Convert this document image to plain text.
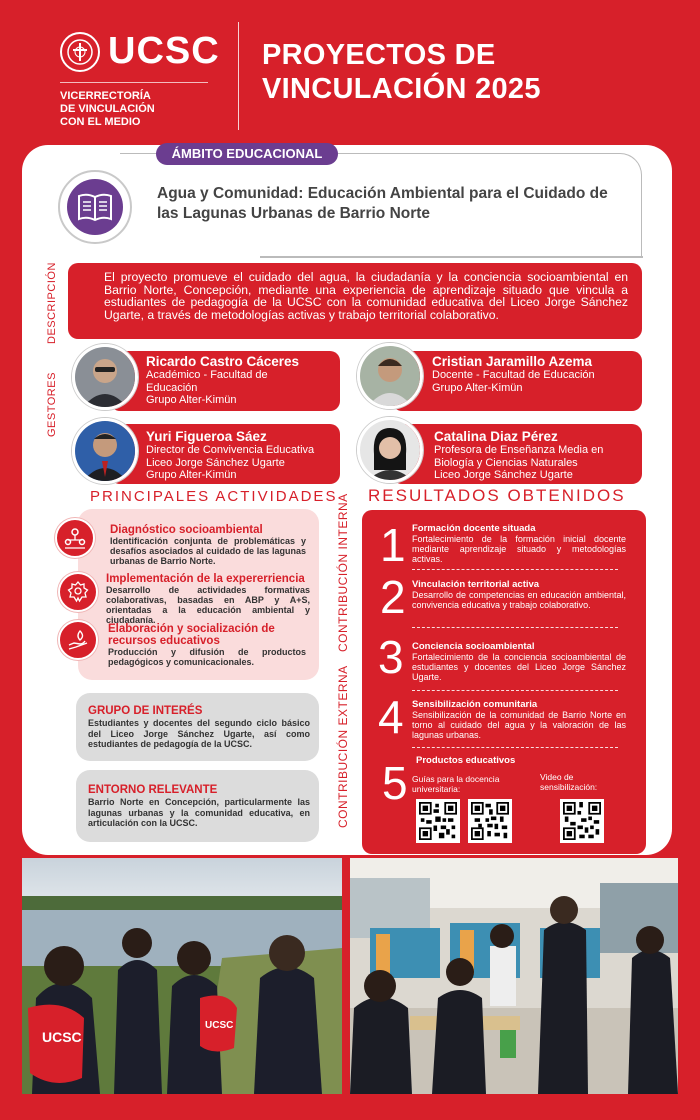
UCSC
VICERRECTORÍA
DE VINCULACIÓN
CON EL MEDIO
PROYECTOS DE
VINCULACIÓN 2025
ÁMBITO EDUCACIONAL
Agua y Comunidad: Educación Ambiental para el Cuidado de las Lagunas Urbanas de Barrio Norte
DESCRIPCIÓN	El proyecto promueve el cuidado del agua, la ciudadanía y la conciencia socioambiental en Barrio Norte, Concepción, mediante una experiencia de aprendizaje situado que vincula a estudiantes de pedagogía de la UCSC con la comunidad educativa del Liceo Jorge Sánchez Ugarte, a través de metodologías activas y trabajo territorial colaborativo.
GESTORES
Ricardo Castro Cáceres
Académico - Facultad de
Educación
Grupo Alter-Kimün
Cristian Jaramillo Azema
Docente - Facultad de Educación
Grupo Alter-Kimün
Yuri Figueroa Sáez
Director de Convivencia Educativa
Liceo Jorge Sánchez Ugarte
Grupo Alter-Kimün
Catalina Diaz Pérez
Profesora de Enseñanza Media en
Biología y Ciencias Naturales
Liceo Jorge Sánchez Ugarte
PRINCIPALES ACTIVIDADES
Diagnóstico socioambiental
Identificación conjunta de problemáticas y desafíos asociados al cuidado de las lagunas urbanas de Barrio Norte.
Implementación de la expererriencia
Desarrollo de actividades formativas colaborativas, basadas en ABP y A+S, orientadas a la educación ambiental y ciudadanía.
Elaboración y socialización de recursos educativos
Producción y difusión de productos pedagógicos y comunicacionales.
GRUPO DE INTERÉS
Estudiantes y docentes del segundo ciclo básico del Liceo Jorge Sánchez Ugarte, así como estudiantes de pedagogía de la UCSC.
ENTORNO RELEVANTE
Barrio Norte en Concepción, particularmente las lagunas urbanas y la comunidad educativa, en articulación con la UCSC.
CONTRIBUCIÓN INTERNA
CONTRIBUCIÓN EXTERNA
RESULTADOS OBTENIDOS
1 Formación docente situada
Fortalecimiento de la formación inicial docente mediante aprendizaje situado y metodologías activas.
2 Vinculación territorial activa
Desarrollo de competencias en educación ambiental, convivencia educativa y trabajo colaborativo.
3 Conciencia socioambiental
Fortalecimiento de la conciencia socioambiental de estudiantes y docentes del Liceo Jorge Sánchez Ugarte.
4 Sensibilización comunitaria
Sensibilización de la comunidad de Barrio Norte en torno al cuidado del agua y la valoración de las lagunas urbanas.
5 Productos educativos
Guías para la docencia
universitaria:
Video de
sensibilización:
UCSC
UCSC
